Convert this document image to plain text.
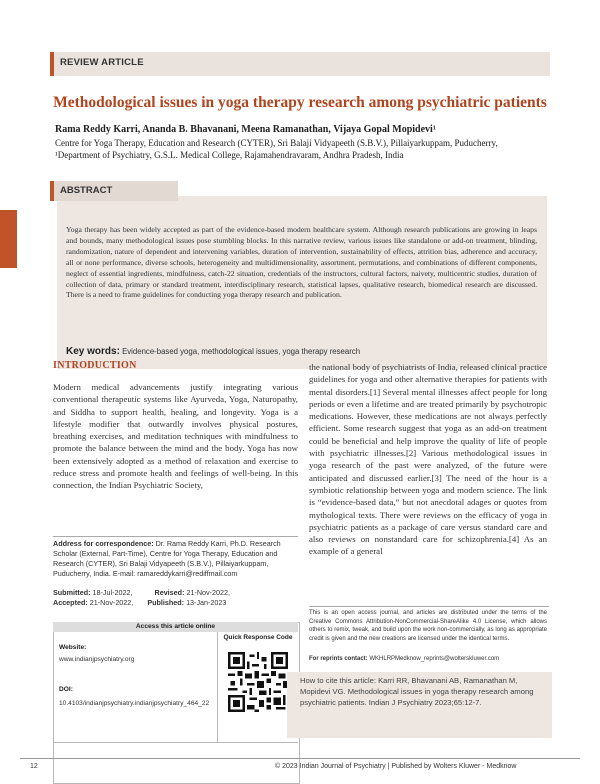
REVIEW ARTICLE
Methodological issues in yoga therapy research among psychiatric patients
Rama Reddy Karri, Ananda B. Bhavanani, Meena Ramanathan, Vijaya Gopal Mopidevi¹
Centre for Yoga Therapy, Education and Research (CYTER), Sri Balaji Vidyapeeth (S.B.V.), Pillaiyarkuppam, Puducherry,
¹Department of Psychiatry, G.S.L. Medical College, Rajamahendravaram, Andhra Pradesh, India
ABSTRACT
Yoga therapy has been widely accepted as part of the evidence-based modern healthcare system. Although research publications are growing in leaps and bounds, many methodological issues pose stumbling blocks. In this narrative review, various issues like standalone or add-on treatment, blinding, randomization, nature of dependent and intervening variables, duration of intervention, sustainability of effects, attrition bias, adherence and accuracy, all or none performance, diverse schools, heterogeneity and multidimensionality, assortment, permutations, and combinations of different components, neglect of essential ingredients, mindfulness, catch-22 situation, credentials of the instructors, cultural factors, naivety, multicentric studies, duration of collection of data, primary or standard treatment, interdisciplinary research, statistical lapses, qualitative research, biomedical research are discussed. There is a need to frame guidelines for conducting yoga therapy research and publication.
Key words: Evidence-based yoga, methodological issues, yoga therapy research
INTRODUCTION
Modern medical advancements justify integrating various conventional therapeutic systems like Ayurveda, Yoga, Naturopathy, and Siddha to support health, healing, and longevity. Yoga is a lifestyle modifier that outwardly involves physical postures, breathing exercises, and meditation techniques with mindfulness to promote the balance between the mind and the body. Yoga has now been extensively adopted as a method of relaxation and exercise to reduce stress and promote health and feelings of well-being. In this connection, the Indian Psychiatric Society,
the national body of psychiatrists of India, released clinical practice guidelines for yoga and other alternative therapies for patients with mental disorders.[1] Several mental illnesses affect people for long periods or even a lifetime and are treated primarily by psychotropic medications. However, these medications are not always perfectly efficient. Some research suggest that yoga as an add-on treatment could be beneficial and help improve the quality of life of people with psychiatric illnesses.[2] Various methodological issues in yoga research of the past were analyzed, of the future were anticipated and discussed earlier.[3] The need of the hour is a symbiotic relationship between yoga and modern science. The link is “evidence-based data,” but not anecdotal adages or quotes from mythological texts. There were reviews on the efficacy of yoga in psychiatric patients as a package of care versus standard care and also reviews on nonstandard care for schizophrenia.[4] As an example of a general
Address for correspondence: Dr. Rama Reddy Karri, Ph.D. Research Scholar (External, Part-Time), Centre for Yoga Therapy, Education and Research (CYTER), Sri Balaji Vidyapeeth (S.B.V.), Pillaiyarkuppam, Puducherry, India. E-mail: ramareddykarri@rediffmail.com
Submitted: 18-Jul-2022,	Revised: 21-Nov-2022,
Accepted: 21-Nov-2022, Published: 13-Jan-2023
Access this article online
Quick Response Code
Website:
www.indianjpsychiatry.org
DOI:
10.4103/indianjpsychiatry.indianjpsychiatry_464_22
This is an open access journal, and articles are distributed under the terms of the Creative Commons Attribution-NonCommercial-ShareAlike 4.0 License, which allows others to remix, tweak, and build upon the work non-commercially, as long as appropriate credit is given and the new creations are licensed under the identical terms.
For reprints contact: WKHLRPMedknow_reprints@wolterskluwer.com
How to cite this article: Karri RR, Bhavanani AB, Ramanathan M, Mopidevi VG. Methodological issues in yoga therapy research among psychiatric patients. Indian J Psychiatry 2023;65:12-7.
12	© 2023 Indian Journal of Psychiatry | Published by Wolters Kluwer - Medknow
